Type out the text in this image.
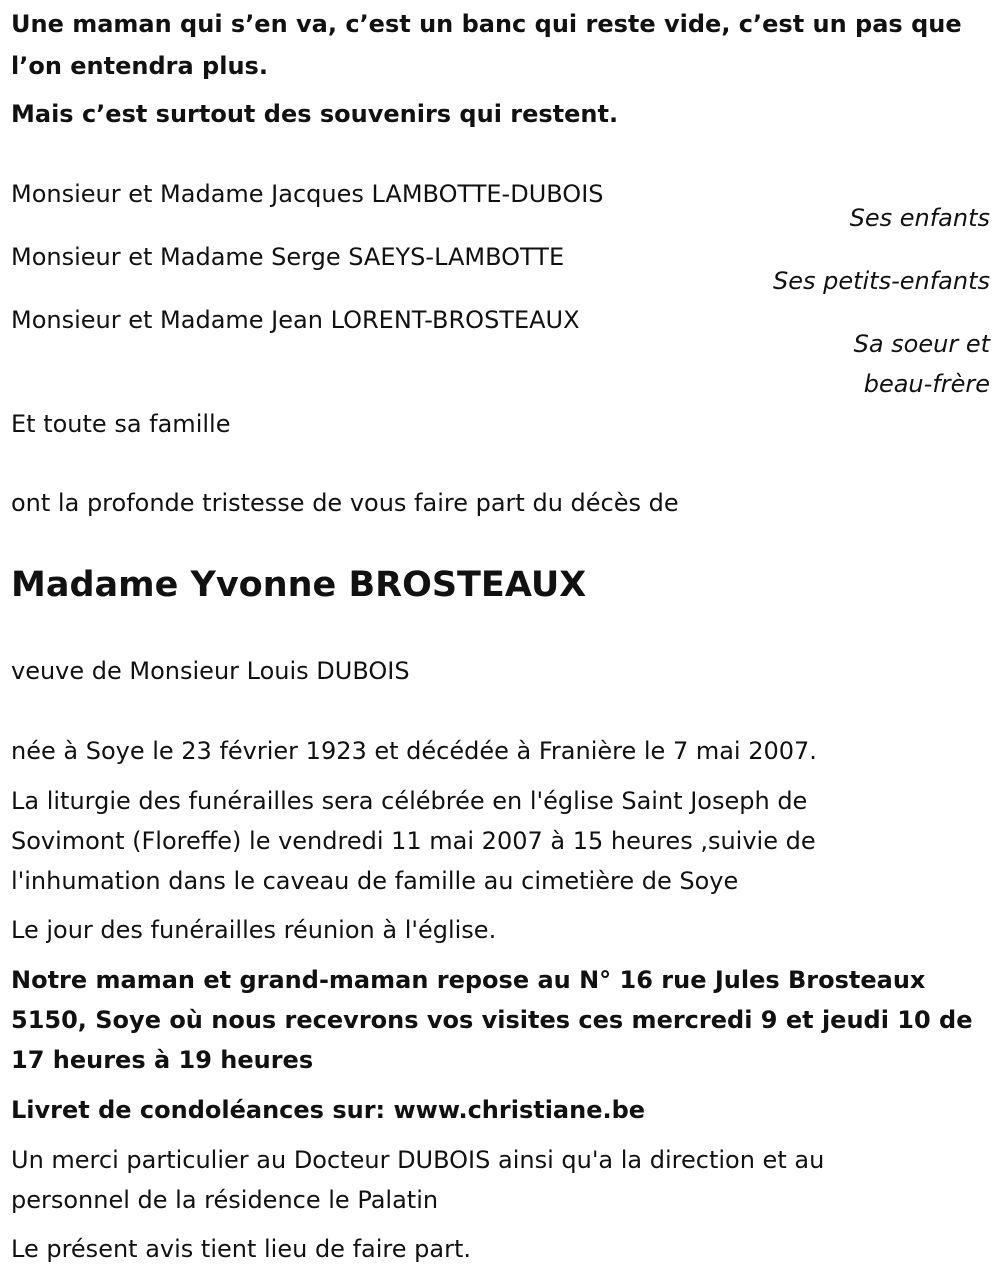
Une maman qui s’en va, c’est un banc qui reste vide, c’est un pas que

l’on entendra plus.

Mais c’est surtout des souvenirs qui restent.

Monsieur et Madame Jacques LAMBOTTE-DUBOIS

Ses enfants

Monsieur et Madame Serge SAEYS-LAMBOTTE

Ses petits-enfants

Monsieur et Madame Jean LORENT-BROSTEAUX

Sa soeur et
beau-frère

Et toute sa famille

ont la profonde tristesse de vous faire part du décès de

Madame Yvonne BROSTEAUX

veuve de Monsieur Louis DUBOIS

née à Soye le 23 février 1923 et décédée à Franière le 7 mai 2007.

La liturgie des funérailles sera célébrée en l'église Saint Joseph de

Sovimont (Floreffe) le vendredi 11 mai 2007 à 15 heures ,suivie de

l'inhumation dans le caveau de famille au cimetière de Soye

Le jour des funérailles réunion à l'église.

Notre maman et grand-maman repose au N° 16 rue Jules Brosteaux

5150, Soye où nous recevrons vos visites ces mercredi 9 et jeudi 10 de

17 heures à 19 heures

Livret de condoléances sur: www.christiane.be

Un merci particulier au Docteur DUBOIS ainsi qu'a la direction et au

personnel de la résidence le Palatin

Le présent avis tient lieu de faire part.
